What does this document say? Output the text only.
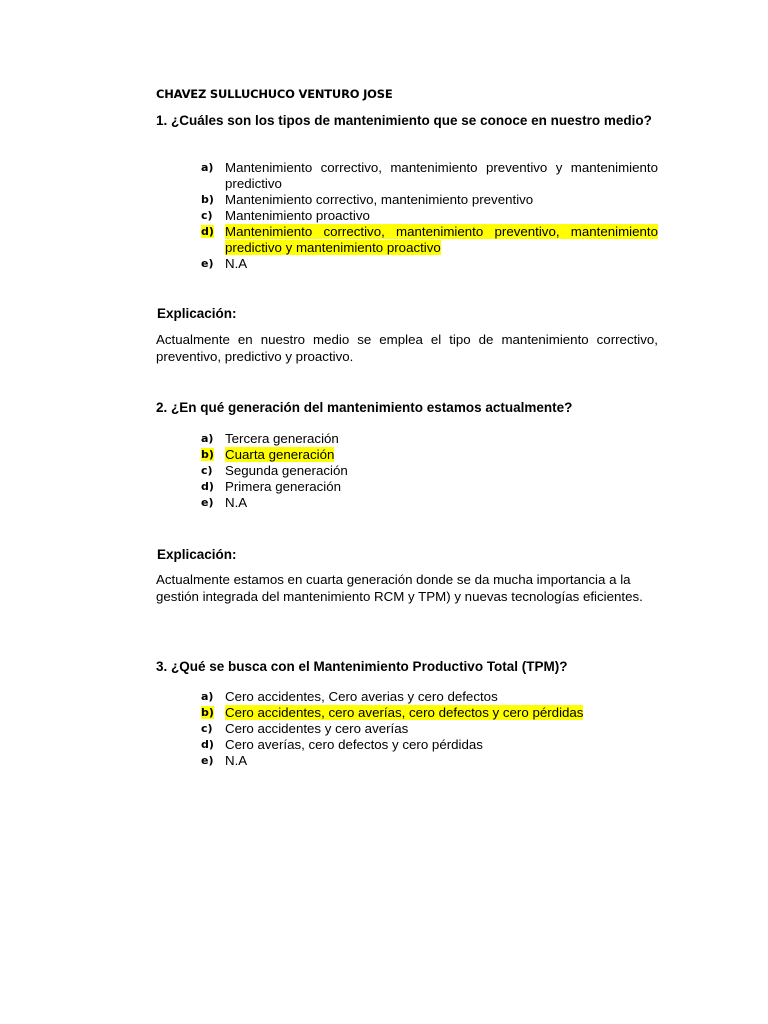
CHAVEZ SULLUCHUCO VENTURO JOSE

1. ¿Cuáles son los tipos de mantenimiento que se conoce en nuestro medio?

a) Mantenimiento correctivo, mantenimiento preventivo y mantenimiento predictivo
b) Mantenimiento correctivo, mantenimiento preventivo
c) Mantenimiento proactivo
d) Mantenimiento correctivo, mantenimiento preventivo, mantenimiento predictivo y mantenimiento proactivo
e) N.A

Explicación:

Actualmente en nuestro medio se emplea el tipo de mantenimiento correctivo, preventivo, predictivo y proactivo.

2. ¿En qué generación del mantenimiento estamos actualmente?

a) Tercera generación
b) Cuarta generación
c) Segunda generación
d) Primera generación
e) N.A

Explicación:

Actualmente estamos en cuarta generación donde se da mucha importancia a la gestión integrada del mantenimiento RCM y TPM) y nuevas tecnologías eficientes.

3. ¿Qué se busca con el Mantenimiento Productivo Total (TPM)?

a) Cero accidentes, Cero averias y cero defectos
b) Cero accidentes, cero averías, cero defectos y cero pérdidas
c) Cero accidentes y cero averías
d) Cero averías, cero defectos y cero pérdidas
e) N.A
